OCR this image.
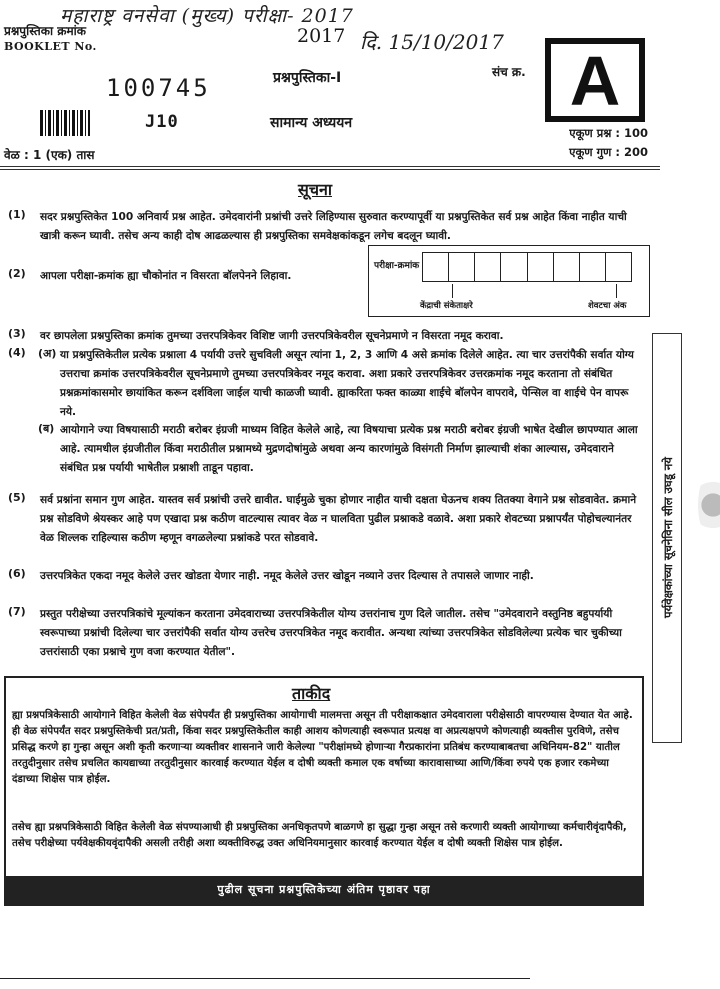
महाराष्ट्र वनसेवा (मुख्य) परीक्षा- 2017
दि. 15/10/2017
प्रश्नपुस्तिका क्रमांक
BOOKLET No.	2017
100745
J10
प्रश्नपुस्तिका-I
सामान्य अध्ययन
संच क्र. A
एकूण प्रश्न : 100
एकूण गुण : 200
वेळ : 1 (एक) तास
सूचना
(1) सदर प्रश्नपुस्तिकेत 100 अनिवार्य प्रश्न आहेत. उमेदवारांनी प्रश्नांची उत्तरे लिहिण्यास सुरुवात करण्यापूर्वी या प्रश्नपुस्तिकेत सर्व प्रश्न आहेत किंवा नाहीत याची खात्री करून घ्यावी. तसेच अन्य काही दोष आढळल्यास ही प्रश्नपुस्तिका समवेक्षकांकडून लगेच बदलून घ्यावी.
(2) आपला परीक्षा-क्रमांक ह्या चौकोनांत न विसरता बॉलपेनने लिहावा.
परीक्षा-क्रमांक
केंद्राची संकेताक्षरे	शेवटचा अंक
(3) वर छापलेला प्रश्नपुस्तिका क्रमांक तुमच्या उत्तरपत्रिकेवर विशिष्ट जागी उत्तरपत्रिकेवरील सूचनेप्रमाणे न विसरता नमूद करावा.
(4) (अ) या प्रश्नपुस्तिकेतील प्रत्येक प्रश्नाला 4 पर्यायी उत्तरे सुचविली असून त्यांना 1, 2, 3 आणि 4 असे क्रमांक दिलेले आहेत. त्या चार उत्तरांपैकी सर्वात योग्य उत्तराचा क्रमांक उत्तरपत्रिकेवरील सूचनेप्रमाणे तुमच्या उत्तरपत्रिकेवर नमूद करावा. अशा प्रकारे उत्तरपत्रिकेवर उत्तरक्रमांक नमूद करताना तो संबंधित प्रश्नक्रमांकासमोर छायांकित करून दर्शविला जाईल याची काळजी घ्यावी. ह्याकरिता फक्त काळ्या शाईचे बॉलपेन वापरावे, पेन्सिल वा शाईचे पेन वापरू नये.
(ब) आयोगाने ज्या विषयासाठी मराठी बरोबर इंग्रजी माध्यम विहित केलेले आहे, त्या विषयाचा प्रत्येक प्रश्न मराठी बरोबर इंग्रजी भाषेत देखील छापण्यात आला आहे. त्यामधील इंग्रजीतील किंवा मराठीतील प्रश्नामध्ये मुद्रणदोषांमुळे अथवा अन्य कारणांमुळे विसंगती निर्माण झाल्याची शंका आल्यास, उमेदवाराने संबंधित प्रश्न पर्यायी भाषेतील प्रश्नाशी ताडून पहावा.
(5) सर्व प्रश्नांना समान गुण आहेत. यास्तव सर्व प्रश्नांची उत्तरे द्यावीत. घाईमुळे चुका होणार नाहीत याची दक्षता घेऊनच शक्य तितक्या वेगाने प्रश्न सोडवावेत. क्रमाने प्रश्न सोडविणे श्रेयस्कर आहे पण एखादा प्रश्न कठीण वाटल्यास त्यावर वेळ न घालविता पुढील प्रश्नाकडे वळावे. अशा प्रकारे शेवटच्या प्रश्नापर्यंत पोहोचल्यानंतर वेळ शिल्लक राहिल्यास कठीण म्हणून वगळलेल्या प्रश्नांकडे परत सोडवावे.
(6) उत्तरपत्रिकेत एकदा नमूद केलेले उत्तर खोडता येणार नाही. नमूद केलेले उत्तर खोडून नव्याने उत्तर दिल्यास ते तपासले जाणार नाही.
(7) प्रस्तुत परीक्षेच्या उत्तरपत्रिकांचे मूल्यांकन करताना उमेदवाराच्या उत्तरपत्रिकेतील योग्य उत्तरांनाच गुण दिले जातील. तसेच "उमेदवाराने वस्तुनिष्ठ बहुपर्यायी स्वरूपाच्या प्रश्नांची दिलेल्या चार उत्तरांपैकी सर्वात योग्य उत्तरेच उत्तरपत्रिकेत नमूद करावीत. अन्यथा त्यांच्या उत्तरपत्रिकेत सोडविलेल्या प्रत्येक चार चुकीच्या उत्तरांसाठी एका प्रश्नाचे गुण वजा करण्यात येतील".
पर्यवेक्षकांच्या सूचनेविना सील उघडू नये
ताकीद
ह्या प्रश्नपत्रिकेसाठी आयोगाने विहित केलेली वेळ संपेपर्यंत ही प्रश्नपुस्तिका आयोगाची मालमत्ता असून ती परीक्षाकक्षात उमेदवाराला परीक्षेसाठी वापरण्यास देण्यात येत आहे. ही वेळ संपेपर्यंत सदर प्रश्नपुस्तिकेची प्रत/प्रती, किंवा सदर प्रश्नपुस्तिकेतील काही आशय कोणत्याही स्वरूपात प्रत्यक्ष वा अप्रत्यक्षपणे कोणत्याही व्यक्तीस पुरविणे, तसेच प्रसिद्ध करणे हा गुन्हा असून अशी कृती करणाऱ्या व्यक्तीवर शासनाने जारी केलेल्या "परीक्षांमध्ये होणाऱ्या गैरप्रकारांना प्रतिबंध करण्याबाबतचा अधिनियम-82" यातील तरतुदीनुसार तसेच प्रचलित कायद्याच्या तरतुदीनुसार कारवाई करण्यात येईल व दोषी व्यक्ती कमाल एक वर्षाच्या कारावासाच्या आणि/किंवा रुपये एक हजार रकमेच्या दंडाच्या शिक्षेस पात्र होईल.
तसेच ह्या प्रश्नपत्रिकेसाठी विहित केलेली वेळ संपण्याआधी ही प्रश्नपुस्तिका अनधिकृतपणे बाळगणे हा सुद्धा गुन्हा असून तसे करणारी व्यक्ती आयोगाच्या कर्मचारीवृंदापैकी, तसेच परीक्षेच्या पर्यवेक्षकीयवृंदापैकी असली तरीही अशा व्यक्तीविरुद्ध उक्त अधिनियमानुसार कारवाई करण्यात येईल व दोषी व्यक्ती शिक्षेस पात्र होईल.
पुढील सूचना प्रश्नपुस्तिकेच्या अंतिम पृष्ठावर पहा
